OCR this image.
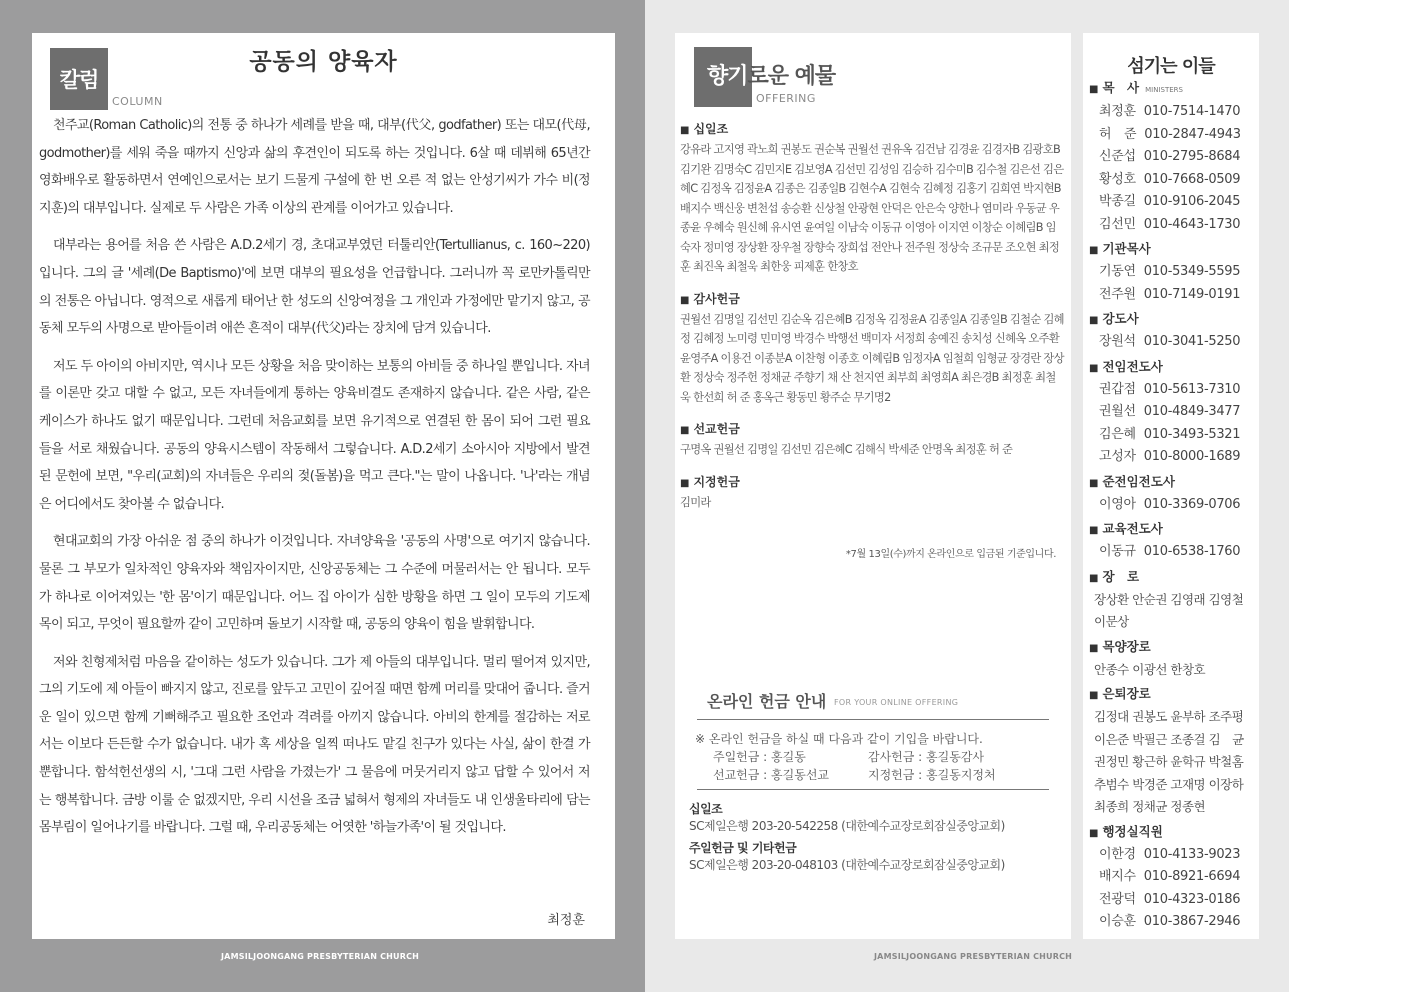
칼럼
COLUMN
공동의 양육자

천주교(Roman Catholic)의 전통 중 하나가 세례를 받을 때, 대부(代父, godfather) 또는 대모(代母, godmother)를 세워 죽을 때까지 신앙과 삶의 후견인이 되도록 하는 것입니다. 6살 때 데뷔해 65년간 영화배우로 활동하면서 연예인으로서는 보기 드물게 구설에 한 번 오른 적 없는 안성기씨가 가수 비(정지훈)의 대부입니다. 실제로 두 사람은 가족 이상의 관계를 이어가고 있습니다.

대부라는 용어를 처음 쓴 사람은 A.D.2세기 경, 초대교부였던 터툴리안(Tertullianus, c. 160~220)입니다. 그의 글 '세례(De Baptismo)'에 보면 대부의 필요성을 언급합니다. 그러니까 꼭 로만카톨릭만의 전통은 아닙니다. 영적으로 새롭게 태어난 한 성도의 신앙여정을 그 개인과 가정에만 맡기지 않고, 공동체 모두의 사명으로 받아들이려 애쓴 흔적이 대부(代父)라는 장치에 담겨 있습니다.

저도 두 아이의 아비지만, 역시나 모든 상황을 처음 맞이하는 보통의 아비들 중 하나일 뿐입니다. 자녀를 이론만 갖고 대할 수 없고, 모든 자녀들에게 통하는 양육비결도 존재하지 않습니다. 같은 사람, 같은 케이스가 하나도 없기 때문입니다. 그런데 처음교회를 보면 유기적으로 연결된 한 몸이 되어 그런 필요들을 서로 채웠습니다. 공동의 양육시스템이 작동해서 그렇습니다. A.D.2세기 소아시아 지방에서 발견된 문헌에 보면, "우리(교회)의 자녀들은 우리의 젖(돌봄)을 먹고 큰다."는 말이 나옵니다. '나'라는 개념은 어디에서도 찾아볼 수 없습니다.

현대교회의 가장 아쉬운 점 중의 하나가 이것입니다. 자녀양육을 '공동의 사명'으로 여기지 않습니다. 물론 그 부모가 일차적인 양육자와 책임자이지만, 신앙공동체는 그 수준에 머물러서는 안 됩니다. 모두가 하나로 이어져있는 '한 몸'이기 때문입니다. 어느 집 아이가 심한 방황을 하면 그 일이 모두의 기도제목이 되고, 무엇이 필요할까 같이 고민하며 돌보기 시작할 때, 공동의 양육이 힘을 발휘합니다.

저와 친형제처럼 마음을 같이하는 성도가 있습니다. 그가 제 아들의 대부입니다. 멀리 떨어져 있지만, 그의 기도에 제 아들이 빠지지 않고, 진로를 앞두고 고민이 깊어질 때면 함께 머리를 맞대어 줍니다. 즐거운 일이 있으면 함께 기뻐해주고 필요한 조언과 격려를 아끼지 않습니다. 아비의 한계를 절감하는 저로서는 이보다 든든할 수가 없습니다. 내가 혹 세상을 일찍 떠나도 맡길 친구가 있다는 사실, 삶이 한결 가뿐합니다. 함석헌선생의 시, '그대 그런 사람을 가졌는가' 그 물음에 머뭇거리지 않고 답할 수 있어서 저는 행복합니다. 금방 이룰 순 없겠지만, 우리 시선을 조금 넓혀서 형제의 자녀들도 내 인생울타리에 담는 몸부림이 일어나기를 바랍니다. 그럴 때, 우리공동체는 어엿한 '하늘가족'이 될 것입니다.

최정훈
JAMSILJOONGANG PRESBYTERIAN CHURCH
향기로운 예물
OFFERING
■ 십일조
강유라 고지영 곽노희 권봉도 권순복 권월선 권유옥 김건남 김경윤 김경자B 김광호B 김기완 김명숙C 김민지E 김보영A 김선민 김성임 김승하 김수미B 김수철 김은선 김은혜C 김정옥 김정윤A 김종은 김종일B 김현수A 김현숙 김혜정 김홍기 김희연 박지현B 배지수 백신웅 변천섭 송승환 신상철 안광현 안덕은 안은숙 양한나 염미라 우동균 우종윤 우혜숙 원신혜 유시연 윤여일 이남숙 이동규 이영아 이지연 이창순 이혜림B 임숙자 정미영 장상환 장우철 장향숙 장희섭 전안나 전주원 정상숙 조규문 조오현 최정훈 최진옥 최철욱 최한웅 피제훈 한창호
■ 감사헌금
권월선 김명일 김선민 김순옥 김은혜B 김정옥 김정윤A 김종일A 김종일B 김철순 김혜정 김혜정 노미령 민미영 박경수 박행선 백미자 서정희 송예진 송치성 신혜옥 오주환 윤영주A 이용건 이종분A 이찬형 이종호 이혜림B 임정자A 임철희 임형균 장경란 장상환 정상숙 정주헌 정채균 주향기 채 산 천지연 최부희 최영희A 최은경B 최정훈 최철욱 한선희 허 준 홍옥근 황동민 황주순 무기명2
■ 선교헌금
구명옥 권월선 김명일 김선민 김은혜C 김해식 박세준 안명옥 최정훈 허 준
■ 지정헌금
김미라
*7월 13일(수)까지 온라인으로 입금된 기준입니다.
온라인 헌금 안내 FOR YOUR ONLINE OFFERING
※ 온라인 헌금을 하실 때 다음과 같이 기입을 바랍니다.
주일헌금 : 홍길동	감사헌금 : 홍길동감사
선교헌금 : 홍길동선교	지정헌금 : 홍길동지정처
십일조
SC제일은행 203-20-542258 (대한예수교장로회잠실중앙교회)
주일헌금 및 기타헌금
SC제일은행 203-20-048103 (대한예수교장로회잠실중앙교회)
섬기는 이들
■ 목　사 MINISTERS
최정훈 010-7514-1470
허　준 010-2847-4943
신준섭 010-2795-8684
황성호 010-7668-0509
박종길 010-9106-2045
김선민 010-4643-1730
■ 기관목사
기동연 010-5349-5595
전주원 010-7149-0191
■ 강도사
장원석 010-3041-5250
■ 전임전도사
권갑점 010-5613-7310
권월선 010-4849-3477
김은혜 010-3493-5321
고성자 010-8000-1689
■ 준전임전도사
이영아 010-3369-0706
■ 교육전도사
이동규 010-6538-1760
■ 장　로
장상환 안순권 김영래 김영철 이문상
■ 목양장로
안종수 이광선 한창호
■ 은퇴장로
김정대 권봉도 윤부하 조주평 이은준 박필근 조종걸 김　균 권정민 황근하 윤학규 박철홈 추범수 박경준 고재명 이장하 최종희 정채균 정종현
■ 행정실직원
이한경 010-4133-9023
배지수 010-8921-6694
전광덕 010-4323-0186
이승훈 010-3867-2946
JAMSILJOONGANG PRESBYTERIAN CHURCH
